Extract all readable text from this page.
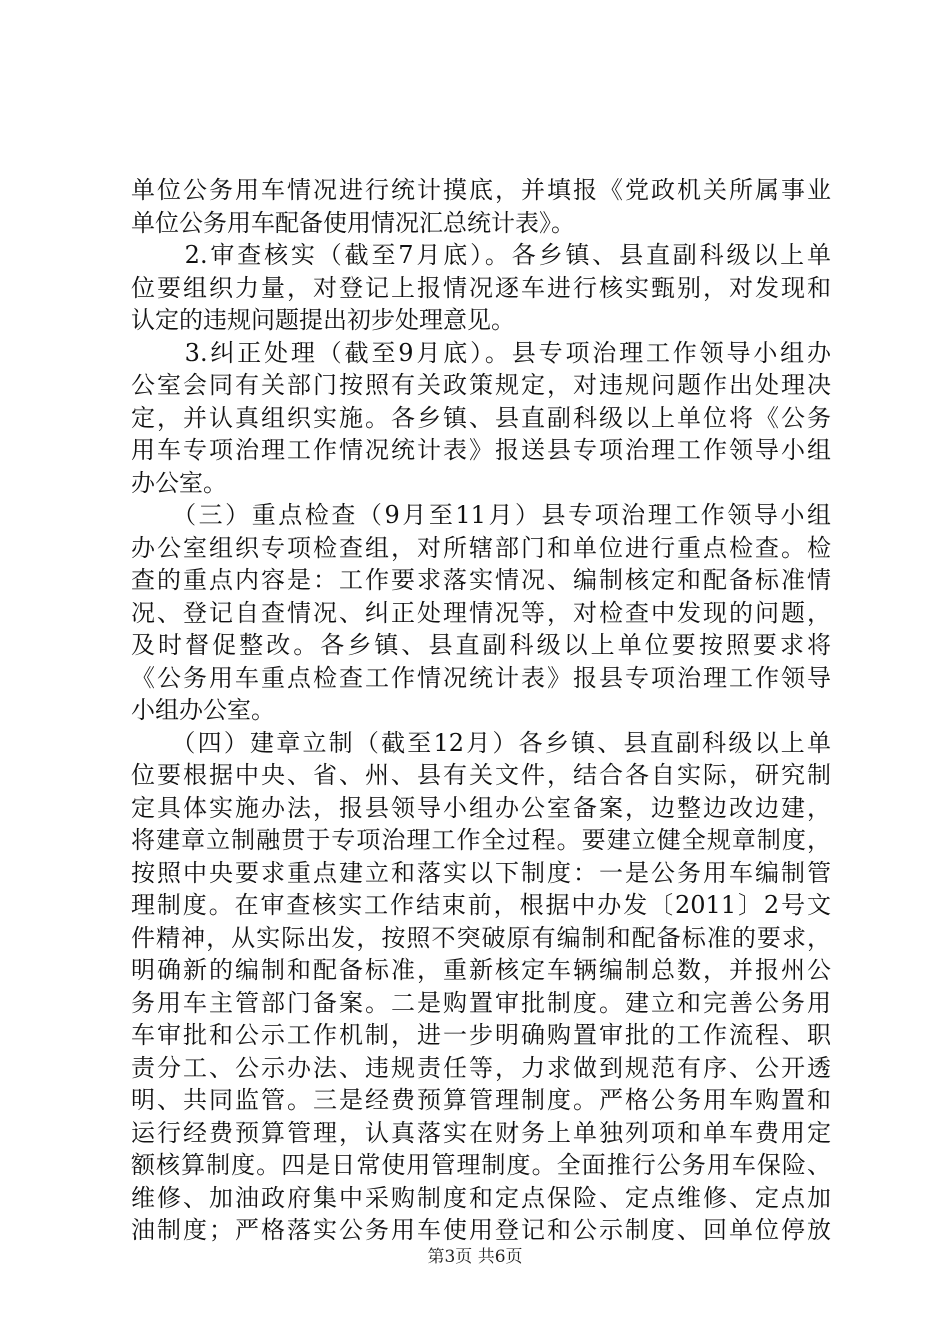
单位公务用车情况进行统计摸底，并填报《党政机关所属事业
单位公务用车配备使用情况汇总统计表》。
　　2.审查核实（截至7月底）。各乡镇、县直副科级以上单
位要组织力量，对登记上报情况逐车进行核实甄别，对发现和
认定的违规问题提出初步处理意见。
　　3.纠正处理（截至9月底）。县专项治理工作领导小组办
公室会同有关部门按照有关政策规定，对违规问题作出处理决
定，并认真组织实施。各乡镇、县直副科级以上单位将《公务
用车专项治理工作情况统计表》报送县专项治理工作领导小组
办公室。
　　（三）重点检查（9月至11月）县专项治理工作领导小组
办公室组织专项检查组，对所辖部门和单位进行重点检查。检
查的重点内容是：工作要求落实情况、编制核定和配备标准情
况、登记自查情况、纠正处理情况等，对检查中发现的问题，
及时督促整改。各乡镇、县直副科级以上单位要按照要求将
《公务用车重点检查工作情况统计表》报县专项治理工作领导
小组办公室。
　　（四）建章立制（截至12月）各乡镇、县直副科级以上单
位要根据中央、省、州、县有关文件，结合各自实际，研究制
定具体实施办法，报县领导小组办公室备案，边整边改边建，
将建章立制融贯于专项治理工作全过程。要建立健全规章制度，
按照中央要求重点建立和落实以下制度：一是公务用车编制管
理制度。在审查核实工作结束前，根据中办发〔2011〕2号文
件精神，从实际出发，按照不突破原有编制和配备标准的要求，
明确新的编制和配备标准，重新核定车辆编制总数，并报州公
务用车主管部门备案。二是购置审批制度。建立和完善公务用
车审批和公示工作机制，进一步明确购置审批的工作流程、职
责分工、公示办法、违规责任等，力求做到规范有序、公开透
明、共同监管。三是经费预算管理制度。严格公务用车购置和
运行经费预算管理，认真落实在财务上单独列项和单车费用定
额核算制度。四是日常使用管理制度。全面推行公务用车保险、
维修、加油政府集中采购制度和定点保险、定点维修、定点加
油制度；严格落实公务用车使用登记和公示制度、回单位停放
第3页 共6页
